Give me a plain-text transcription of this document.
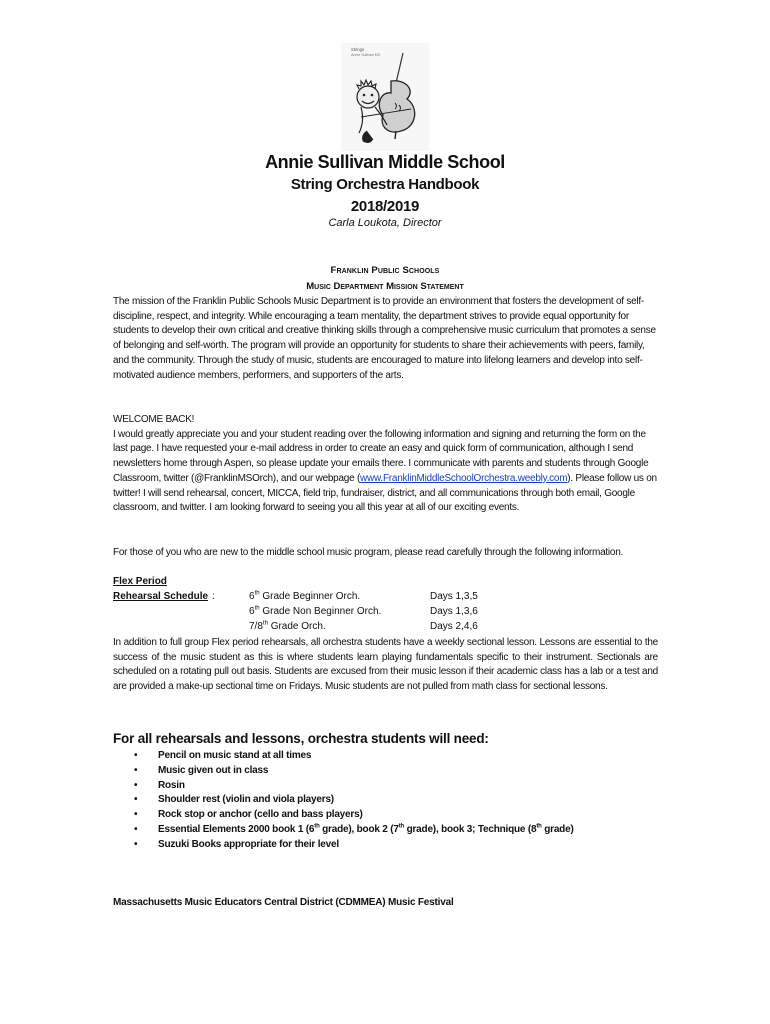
Strings
Annie Sullivan MS
Annie Sullivan Middle School
String Orchestra Handbook
2018/2019
Carla Loukota, Director
Franklin Public Schools
Music Department Mission Statement

The mission of the Franklin Public Schools Music Department is to provide an environment that fosters the development of self-discipline, respect, and integrity. While encouraging a team mentality, the department strives to provide equal opportunity for students to develop their own critical and creative thinking skills through a comprehensive music curriculum that promotes a sense of belonging and self-worth. The program will provide an opportunity for students to share their achievements with peers, family, and the community. Through the study of music, students are encouraged to mature into lifelong learners and develop into self-motivated audience members, performers, and supporters of the arts.

WELCOME BACK!

I would greatly appreciate you and your student reading over the following information and signing and returning the form on the last page. I have requested your e-mail address in order to create an easy and quick form of communication, although I send newsletters home through Aspen, so please update your emails there. I communicate with parents and students through Google Classroom, twitter (@FranklinMSOrch), and our webpage (www.FranklinMiddleSchoolOrchestra.weebly.com). Please follow us on twitter! I will send rehearsal, concert, MICCA, field trip, fundraiser, district, and all communications through both email, Google classroom, and twitter. I am looking forward to seeing you all this year at all of our exciting events.

For those of you who are new to the middle school music program, please read carefully through the following information.

Flex Period
Rehearsal Schedule :	6th Grade Beginner Orch.	Days 1,3,5
6th Grade Non Beginner Orch.	Days 1,3,6
7/8th Grade Orch.	Days 2,4,6

In addition to full group Flex period rehearsals, all orchestra students have a weekly sectional lesson. Lessons are essential to the success of the music student as this is where students learn playing fundamentals specific to their instrument. Sectionals are scheduled on a rotating pull out basis. Students are excused from their music lesson if their academic class has a lab or a test and are provided a make-up sectional time on Fridays. Music students are not pulled from math class for sectional lessons.

For all rehearsals and lessons, orchestra students will need:
• Pencil on music stand at all times
• Music given out in class
• Rosin
• Shoulder rest (violin and viola players)
• Rock stop or anchor (cello and bass players)
• Essential Elements 2000 book 1 (6th grade), book 2 (7th grade), book 3; Technique (8th grade)
• Suzuki Books appropriate for their level
Massachusetts Music Educators Central District (CDMMEA) Music Festival
